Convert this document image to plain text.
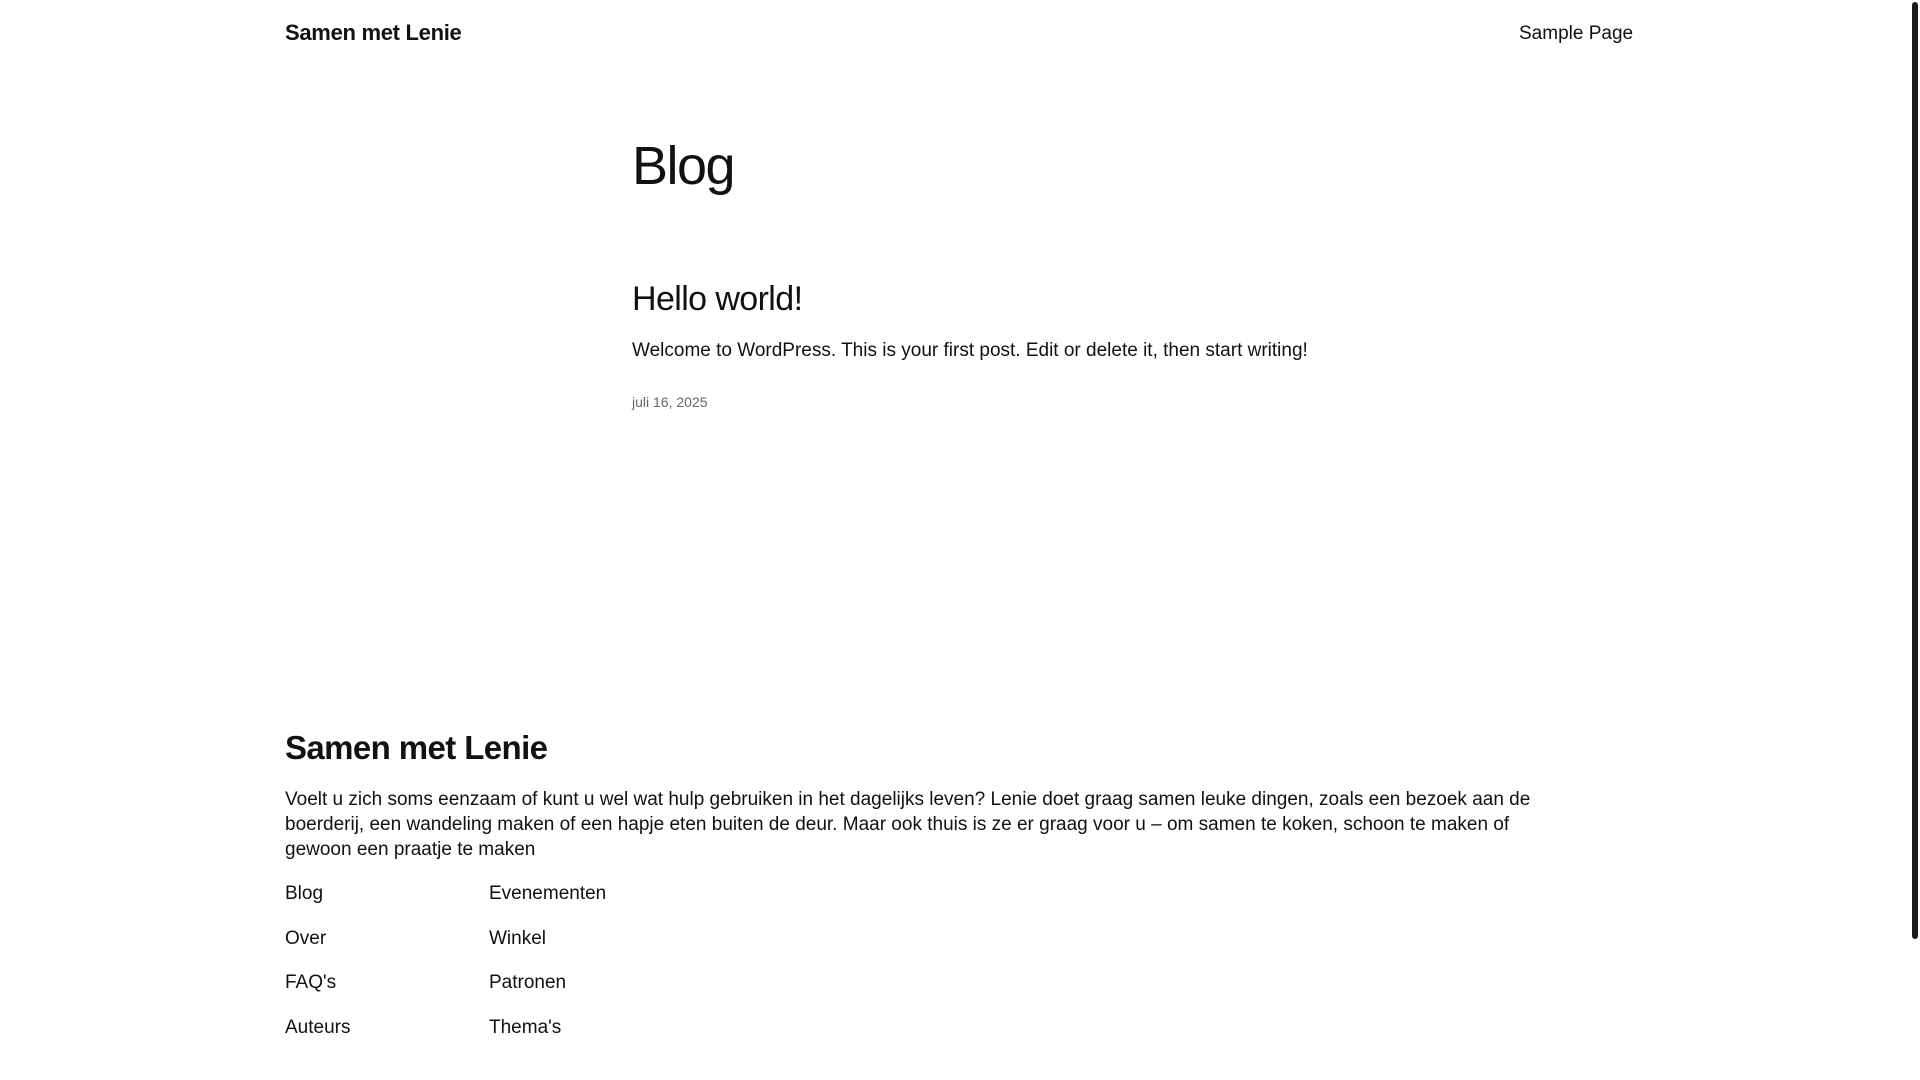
Samen met Lenie	Sample Page
Blog
Hello world!

Welcome to WordPress. This is your first post. Edit or delete it, then start writing!

juli 16, 2025

Samen met Lenie

Voelt u zich soms eenzaam of kunt u wel wat hulp gebruiken in het dagelijks leven? Lenie doet graag samen leuke dingen, zoals een bezoek aan de boerderij, een wandeling maken of een hapje eten buiten de deur. Maar ook thuis is ze er graag voor u – om samen te koken, schoon te maken of gewoon een praatje te maken

Blog
Over
FAQ's
Auteurs
Evenementen
Winkel
Patronen
Thema's
